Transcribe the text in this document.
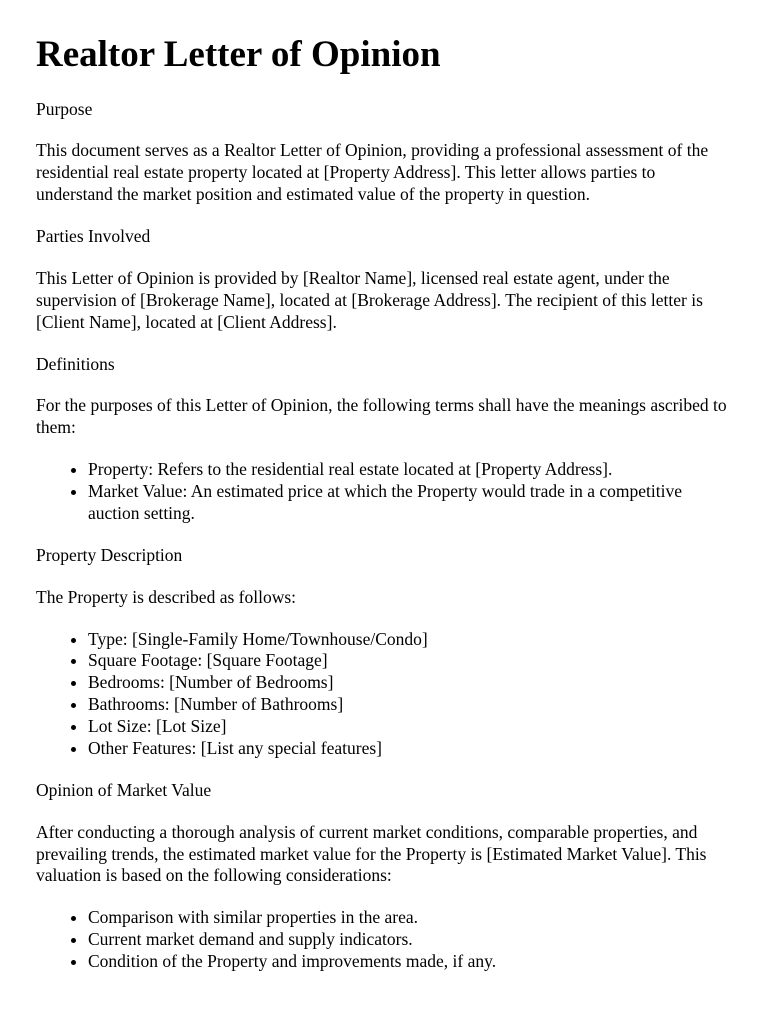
Realtor Letter of Opinion
Purpose

This document serves as a Realtor Letter of Opinion, providing a professional assessment of the residential real estate property located at [Property Address]. This letter allows parties to understand the market position and estimated value of the property in question.

Parties Involved

This Letter of Opinion is provided by [Realtor Name], licensed real estate agent, under the supervision of [Brokerage Name], located at [Brokerage Address]. The recipient of this letter is [Client Name], located at [Client Address].

Definitions

For the purposes of this Letter of Opinion, the following terms shall have the meanings ascribed to them:

• Property: Refers to the residential real estate located at [Property Address].
• Market Value: An estimated price at which the Property would trade in a competitive auction setting.
Property Description

The Property is described as follows:

• Type: [Single-Family Home/Townhouse/Condo]
• Square Footage: [Square Footage]
• Bedrooms: [Number of Bedrooms]
• Bathrooms: [Number of Bathrooms]
• Lot Size: [Lot Size]
• Other Features: [List any special features]
Opinion of Market Value

After conducting a thorough analysis of current market conditions, comparable properties, and prevailing trends, the estimated market value for the Property is [Estimated Market Value]. This valuation is based on the following considerations:

• Comparison with similar properties in the area.
• Current market demand and supply indicators.
• Condition of the Property and improvements made, if any.
